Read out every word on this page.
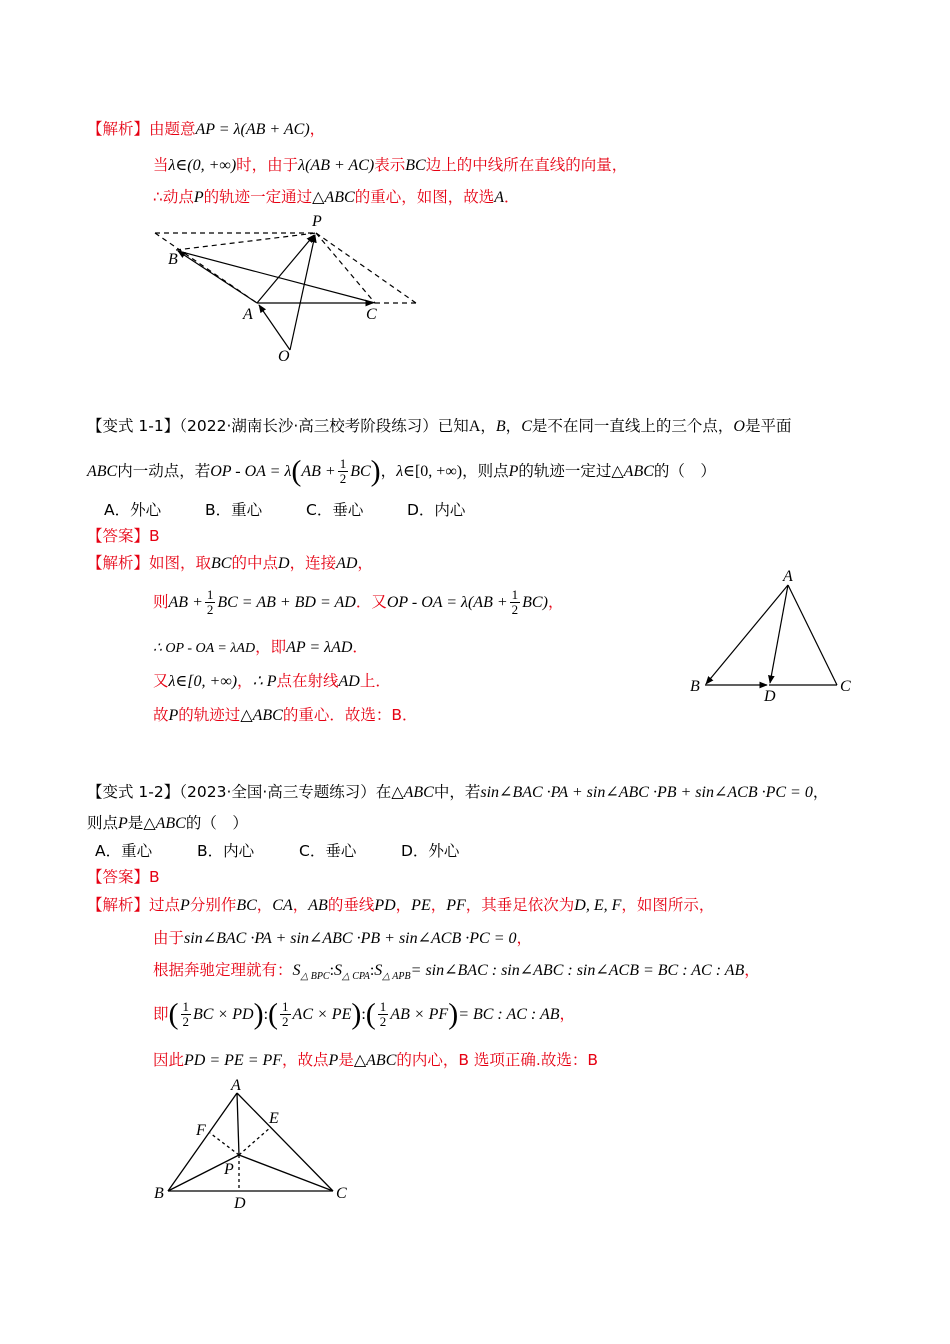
【解析】由题意AP = λ(AB + AC)，
当λ∈(0, +∞)时，由于λ(AB + AC)表示BC边上的中线所在直线的向量，
∴动点P的轨迹一定通过△ABC的重心，如图，故选A．
P
B
A	C
O
【变式 1-1】（2022·湖南长沙·高三校考阶段练习）已知A，B，C是不在同一直线上的三个点，O是平面
ABC内一动点，若OP - OA = $\lambda(AB + \frac{1}{2} BC)$，λ∈[0, +∞)，则点P的轨迹一定过△ABC的（　）
A．外心	B．重心	C．垂心	D．内心
【答案】B
【解析】如图，取BC的中点D，连接AD，
则AB + $\frac{1}{2}$ BC = AB + BD = AD．又OP - OA = $\lambda(AB + \frac{1}{2} BC)$，
∴ OP - OA = λAD，即AP = λAD．
又λ∈[0, +∞)，∴ P点在射线AD上．
故P的轨迹过△ABC的重心．故选：B．
A
B
D
C
【变式 1-2】（2023·全国·高三专题练习）在△ABC中，若sin∠BAC ·PA + sin∠ABC ·PB + sin∠ACB ·PC = 0，
则点P是△ABC的（　）
A．重心	B．内心	C．垂心	D．外心
【答案】B
【解析】过点P分别作BC，CA，AB的垂线PD，PE，PF，其垂足依次为D, E, F，如图所示，
由于sin∠BAC ·PA + sin∠ABC ·PB + sin∠ACB ·PC = 0，
根据奔驰定理就有：$S_{\triangle BPC}:S_{\triangle CPA}:S_{\triangle APB}=$ sin∠BAC : sin∠ABC : sin∠ACB = BC : AC : AB，
即( $\frac{1}{2}$ BC × PD):( $\frac{1}{2}$ AC × PE):( $\frac{1}{2}$ AB × PF)= BC : AC : AB，
因此PD = PE = PF，故点P是△ABC的内心，B 选项正确.故选：B
A
F
E
P
B
D
C
